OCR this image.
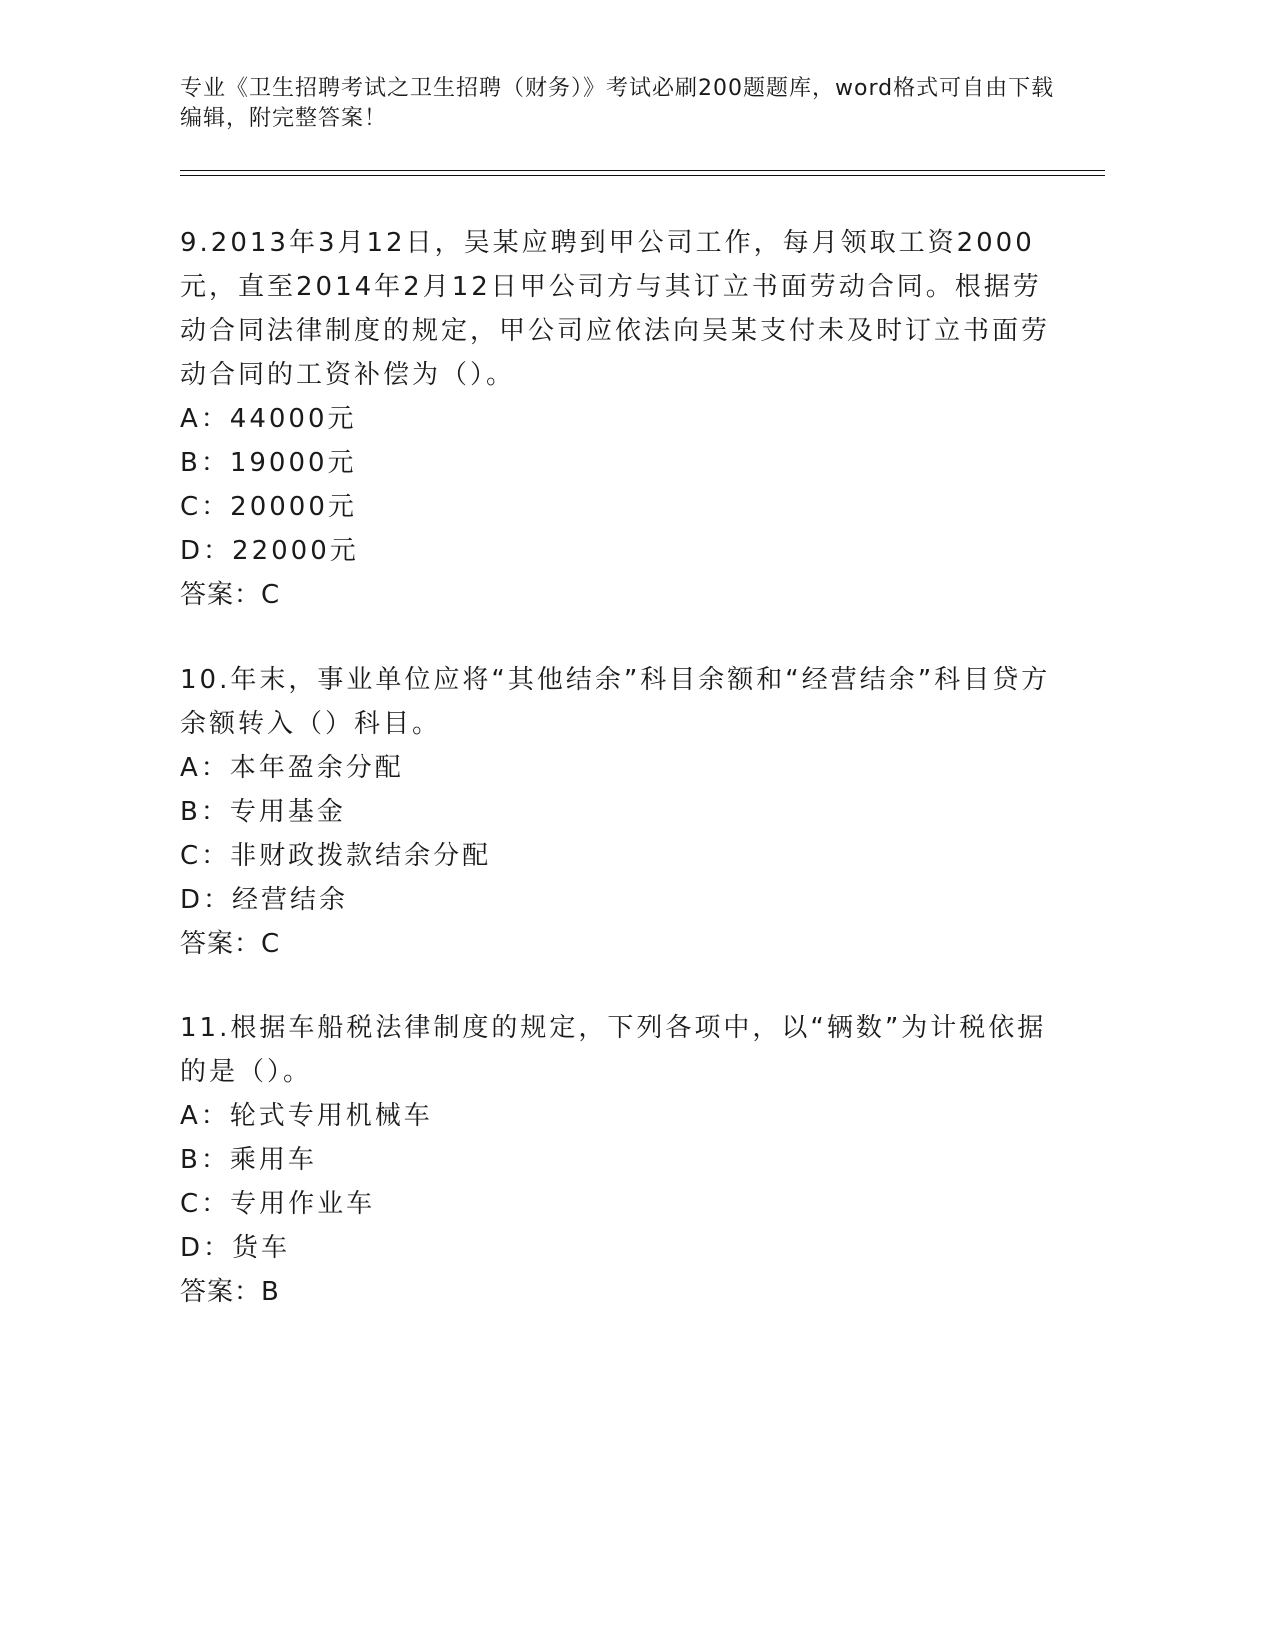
专业《卫生招聘考试之卫生招聘（财务）》考试必刷200题题库，word格式可自由下载编辑，附完整答案！

9.2013年3月12日，吴某应聘到甲公司工作，每月领取工资2000元，直至2014年2月12日甲公司方与其订立书面劳动合同。根据劳动合同法律制度的规定，甲公司应依法向吴某支付未及时订立书面劳动合同的工资补偿为（）。

A：44000元

B：19000元

C：20000元

D：22000元

答案：C

10.年末，事业单位应将“其他结余”科目余额和“经营结余”科目贷方余额转入（）科目。

A：本年盈余分配

B：专用基金

C：非财政拨款结余分配

D：经营结余

答案：C

11.根据车船税法律制度的规定，下列各项中，以“辆数”为计税依据的是（）。

A：轮式专用机械车

B：乘用车

C：专用作业车

D：货车

答案：B
